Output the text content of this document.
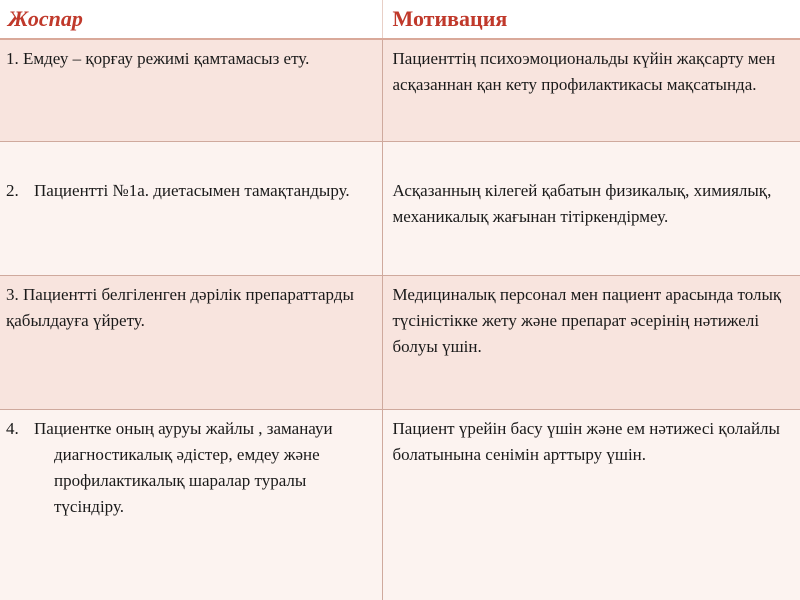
Жоспар	Мотивация
1. Емдеу – қорғау режимі қамтамасыз ету.	Пациенттің психоэмоциональды күйін жақсарту мен асқазаннан қан кету профилактикасы мақсатында.

2. Пациентті №1а. диетасымен тамақтандыру.	Асқазанның кілегей қабатын физикалық, химиялық, механикалық жағынан тітіркендірмеу.
3. Пациентті белгіленген дәрілік препараттарды қабылдауға үйрету.	Медициналық персонал мен пациент арасында толық түсіністікке жету және препарат әсерінің нәтижелі болуы үшін.

4. Пациентке оның ауруы жайлы , заманауи диагностикалық әдістер, емдеу және профилактикалық шаралар туралы түсіндіру.	Пациент үрейін басу үшін және ем нәтижесі қолайлы болатынына сенімін арттыру үшін.
